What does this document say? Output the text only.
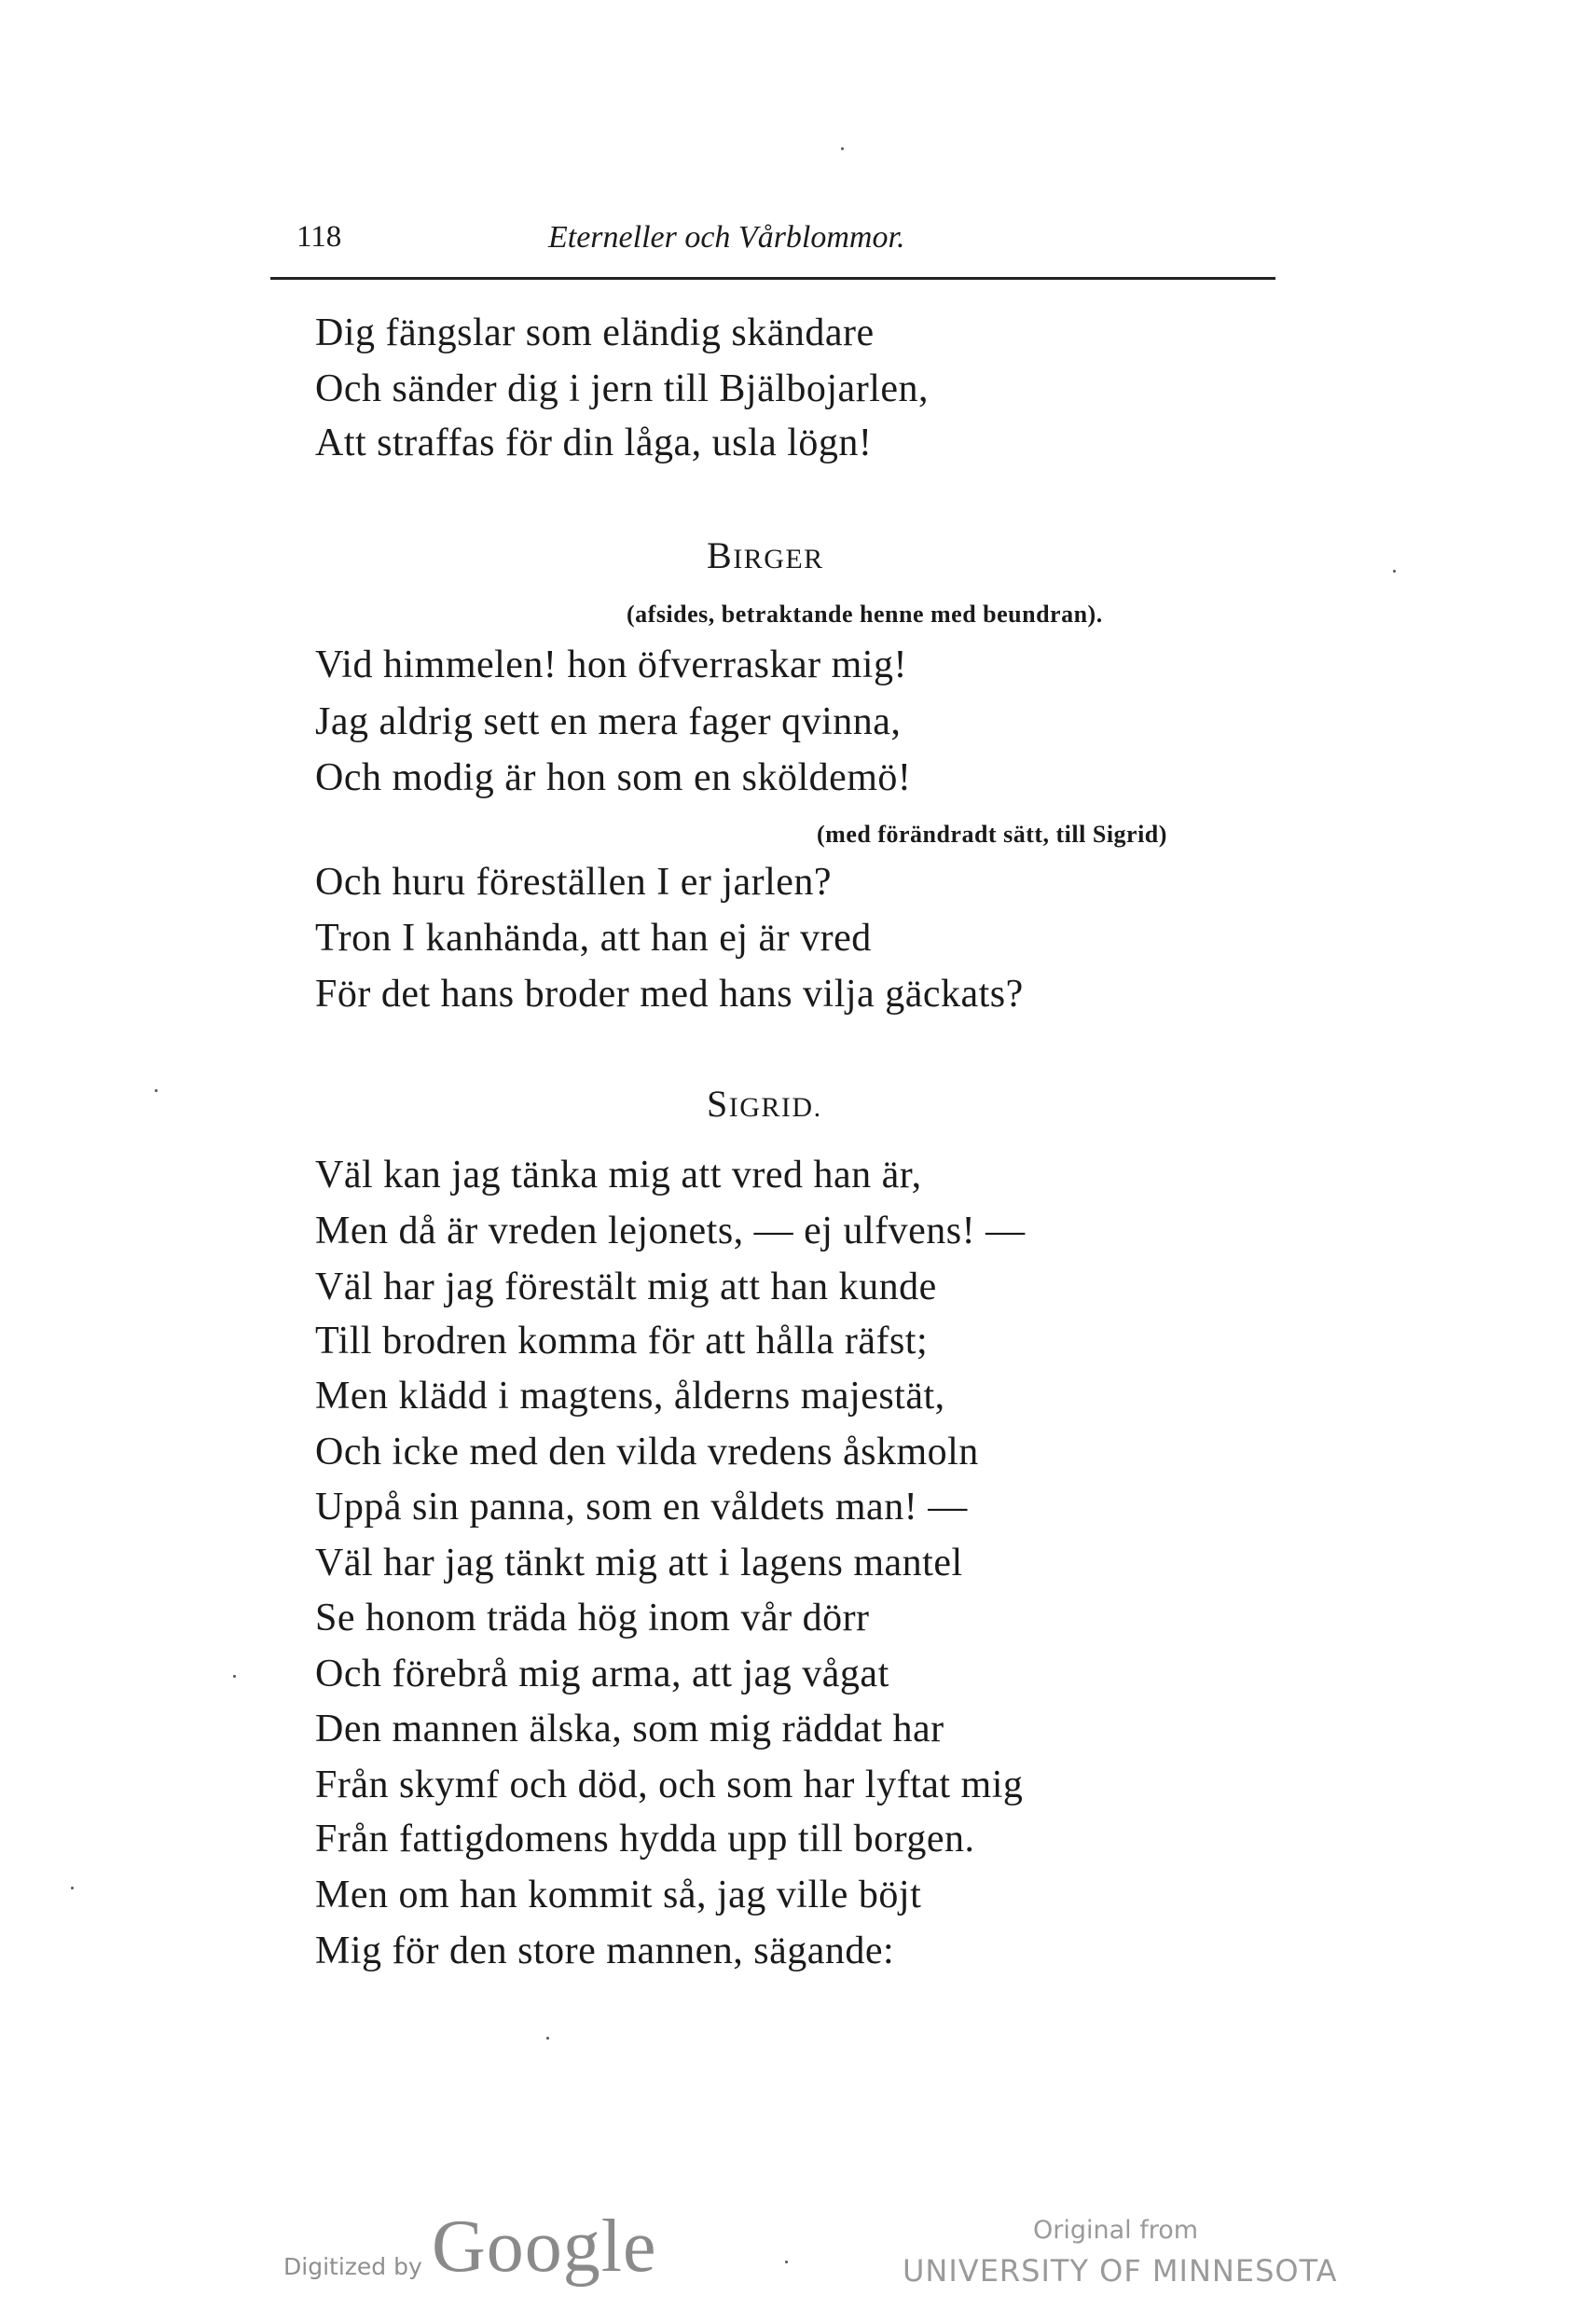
118	Eterneller och Vårblommor.
Dig fängslar som eländig skändare
Och sänder dig i jern till Bjälbojarlen,
Att straffas för din låga, usla lögn!
BIRGER
(afsides, betraktande henne med beundran).
Vid himmelen! hon öfverraskar mig!
Jag aldrig sett en mera fager qvinna,
Och modig är hon som en sköldemö!
(med förändradt sätt, till Sigrid)
Och huru föreställen I er jarlen?
Tron I kanhända, att han ej är vred
För det hans broder med hans vilja gäckats?
SIGRID.
Väl kan jag tänka mig att vred han är,
Men då är vreden lejonets, — ej ulfvens! —
Väl har jag förestält mig att han kunde
Till brodren komma för att hålla räfst;
Men klädd i magtens, ålderns majestät,
Och icke med den vilda vredens åskmoln
Uppå sin panna, som en våldets man! —
Väl har jag tänkt mig att i lagens mantel
Se honom träda hög inom vår dörr
Och förebrå mig arma, att jag vågat
Den mannen älska, som mig räddat har
Från skymf och död, och som har lyftat mig
Från fattigdomens hydda upp till borgen.
Men om han kommit så, jag ville böjt
Mig för den store mannen, sägande:
Digitized by Google	Original from
UNIVERSITY OF MINNESOTA
